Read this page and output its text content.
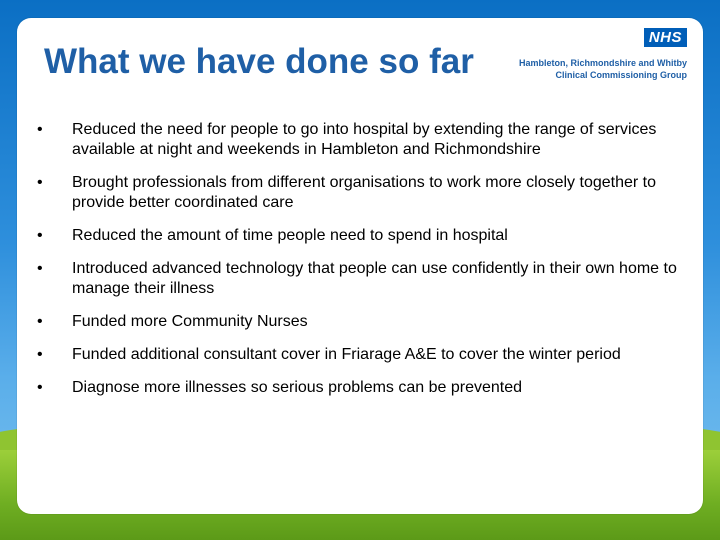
What we have done so far
NHS
Hambleton, Richmondshire and Whitby
Clinical Commissioning Group
•	Reduced the need for people to go into hospital by extending the range of services available at night and weekends in Hambleton and Richmondshire
•	Brought professionals from different organisations to work more closely together to provide better coordinated care
•	Reduced the amount of time people need to spend in hospital
•	Introduced advanced technology that people can use confidently in their own home to manage their illness
•	Funded more Community Nurses
•	Funded additional consultant cover in Friarage A&E to cover the winter period
•	Diagnose more illnesses so serious problems can be prevented
